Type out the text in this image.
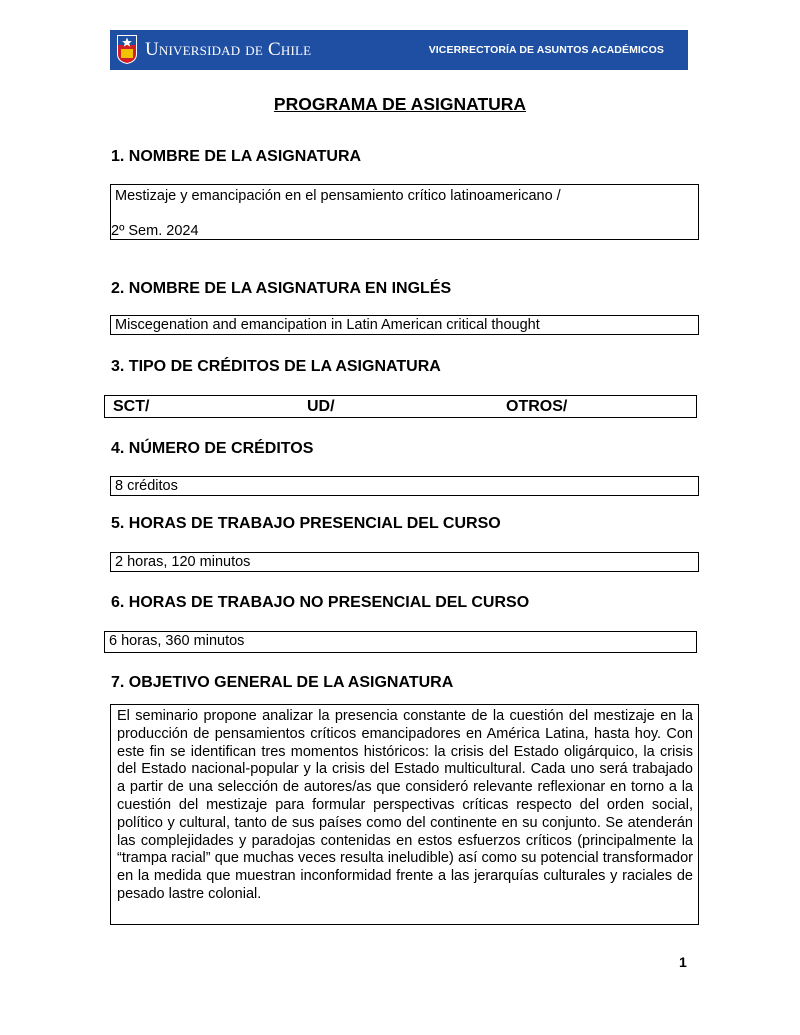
Universidad de Chile	VICERRECTORÍA DE ASUNTOS ACADÉMICOS
PROGRAMA DE ASIGNATURA
1. NOMBRE DE LA ASIGNATURA
Mestizaje y emancipación en el pensamiento crítico latinoamericano /
2º Sem. 2024
2. NOMBRE DE LA ASIGNATURA EN INGLÉS
Miscegenation and emancipation in Latin American critical thought
3. TIPO DE CRÉDITOS DE LA ASIGNATURA
SCT/	UD/	OTROS/
4. NÚMERO DE CRÉDITOS
8 créditos
5. HORAS DE TRABAJO PRESENCIAL DEL CURSO
2 horas, 120 minutos
6. HORAS DE TRABAJO NO PRESENCIAL DEL CURSO
6 horas, 360 minutos
7. OBJETIVO GENERAL DE LA ASIGNATURA
El seminario propone analizar la presencia constante de la cuestión del mestizaje en la producción de pensamientos críticos emancipadores en América Latina, hasta hoy. Con este fin se identifican tres momentos históricos: la crisis del Estado oligárquico, la crisis del Estado nacional-popular y la crisis del Estado multicultural. Cada uno será trabajado a partir de una selección de autores/as que consideró relevante reflexionar en torno a la cuestión del mestizaje para formular perspectivas críticas respecto del orden social, político y cultural, tanto de sus países como del continente en su conjunto. Se atenderán las complejidades y paradojas contenidas en estos esfuerzos críticos (principalmente la “trampa racial” que muchas veces resulta ineludible) así como su potencial transformador en la medida que muestran inconformidad frente a las jerarquías culturales y raciales de pesado lastre colonial.
1
